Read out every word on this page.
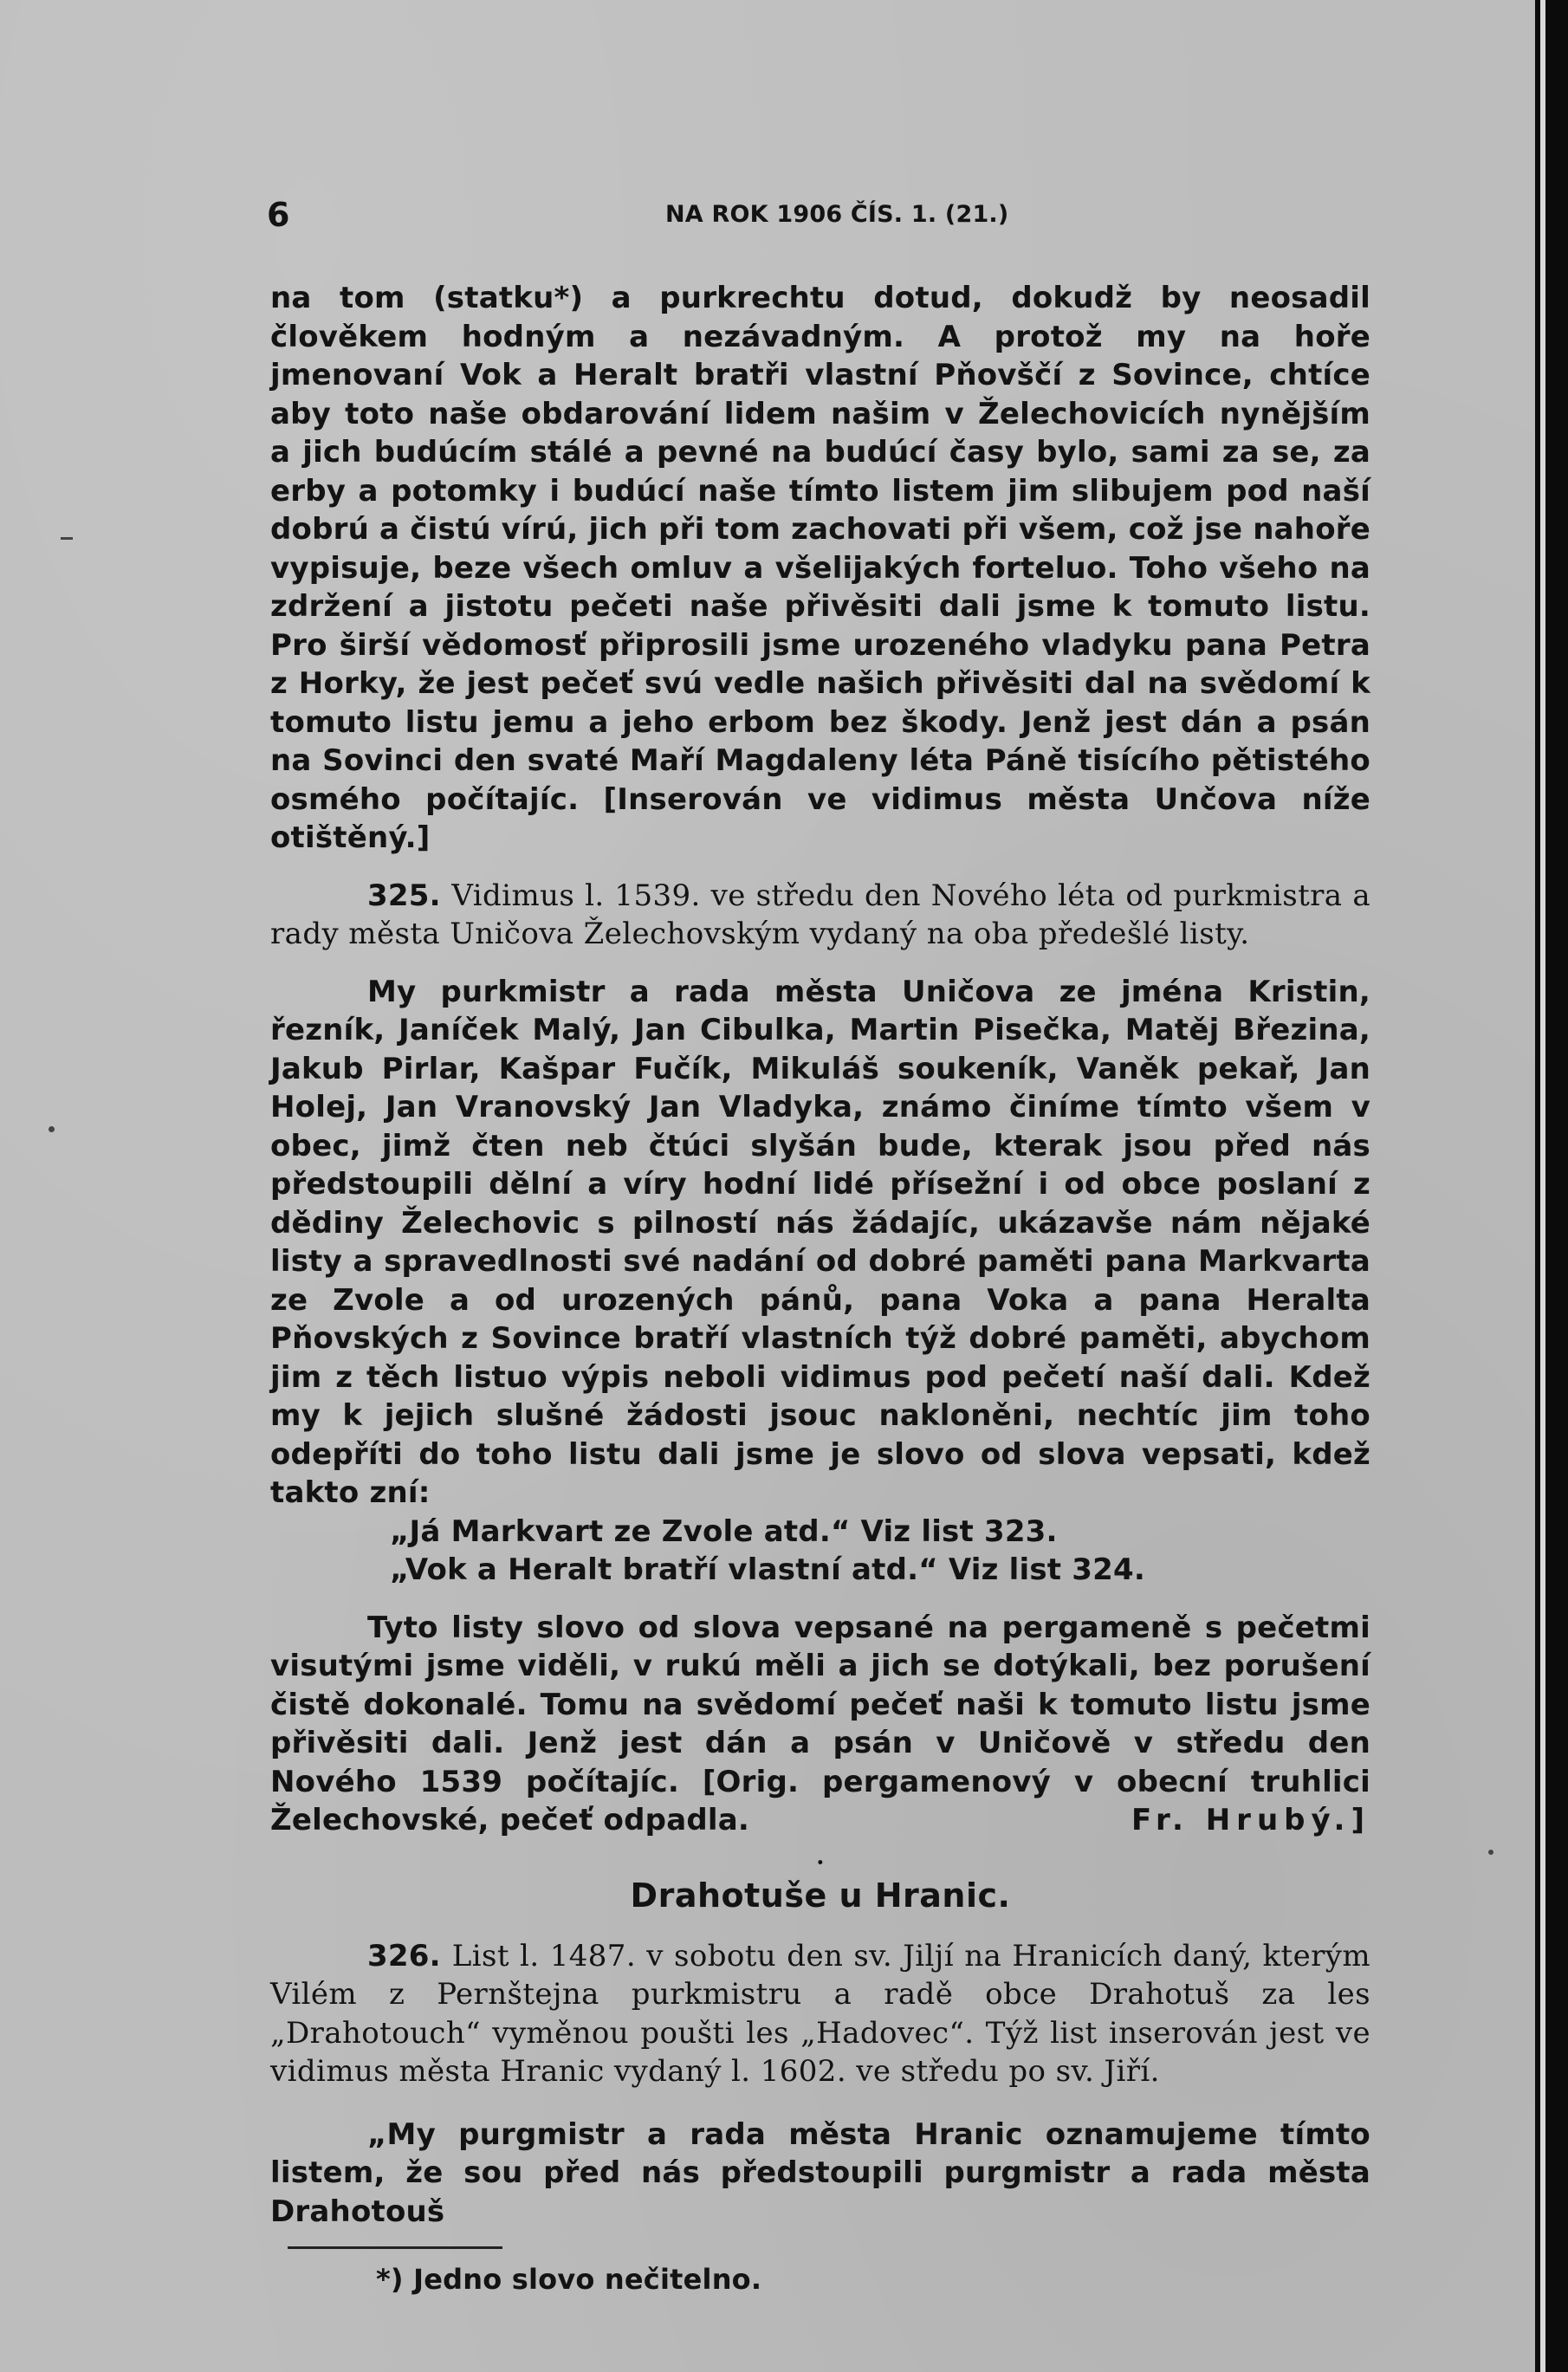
6	NA ROK 1906 ČÍS. 1. (21.)

na tom (statku*) a purkrechtu dotud, dokudž by neosadil člověkem hodným a nezávadným. A protož my na hoře jmenovaní Vok a Heralt bratři vlastní Pňovščí z Sovince, chtíce aby toto naše obdarování lidem našim v Želechovicích nynějším a jich budúcím stálé a pevné na budúcí časy bylo, sami za se, za erby a potomky i budúcí naše tímto listem jim slibujem pod naší dobrú a čistú vírú, jich při tom zachovati při všem, což jse nahoře vypisuje, beze všech omluv a všelijakých forteluo. Toho všeho na zdržení a jistotu pečeti naše přivěsiti dali jsme k tomuto listu. Pro širší vědomosť připrosili jsme urozeného vladyku pana Petra z Horky, že jest pečeť svú vedle našich přivěsiti dal na svědomí k tomuto listu jemu a jeho erbom bez škody. Jenž jest dán a psán na Sovinci den svaté Maří Magdaleny léta Páně tisícího pětistého osmého počítajíc. [Inserován ve vidimus města Unčova níže otištěný.]

325. Vidimus l. 1539. ve středu den Nového léta od purkmistra a rady města Uničova Želechovským vydaný na oba předešlé listy.

My purkmistr a rada města Uničova ze jména Kristin, řezník, Janíček Malý, Jan Cibulka, Martin Pisečka, Matěj Březina, Jakub Pirlar, Kašpar Fučík, Mikuláš soukeník, Vaněk pekař, Jan Holej, Jan Vranovský Jan Vladyka, známo činíme tímto všem v obec, jimž čten neb čtúci slyšán bude, kterak jsou před nás předstoupili dělní a víry hodní lidé přísežní i od obce poslaní z dědiny Želechovic s pilností nás žádajíc, ukázavše nám nějaké listy a spravedlnosti své nadání od dobré paměti pana Markvarta ze Zvole a od urozených pánů, pana Voka a pana Heralta Pňovských z Sovince bratří vlastních týž dobré paměti, abychom jim z těch listuo výpis neboli vidimus pod pečetí naší dali. Kdež my k jejich slušné žádosti jsouc nakloněni, nechtíc jim toho odepříti do toho listu dali jsme je slovo od slova vepsati, kdež takto zní:

„Já Markvart ze Zvole atd.“ Viz list 323.
„Vok a Heralt bratří vlastní atd.“ Viz list 324.

Tyto listy slovo od slova vepsané na pergameně s pečetmi visutými jsme viděli, v rukú měli a jich se dotýkali, bez porušení čistě dokonalé. Tomu na svědomí pečeť naši k tomuto listu jsme přivěsiti dali. Jenž jest dán a psán v Uničově v středu den Nového 1539 počítajíc. [Orig. pergamenový v obecní truhlici Želechovské, pečeť odpadla.	Fr. Hrubý.]

•
Drahotuše u Hranic.

326. List l. 1487. v sobotu den sv. Jiljí na Hranicích daný, kterým Vilém z Pernštejna purkmistru a radě obce Drahotuš za les „Drahotouch“ vyměnou poušti les „Hadovec“. Týž list inserován jest ve vidimus města Hranic vydaný l. 1602. ve středu po sv. Jiří.

„My purgmistr a rada města Hranic oznamujeme tímto listem, že sou před nás předstoupili purgmistr a rada města Drahotouš

*) Jedno slovo nečitelno.
